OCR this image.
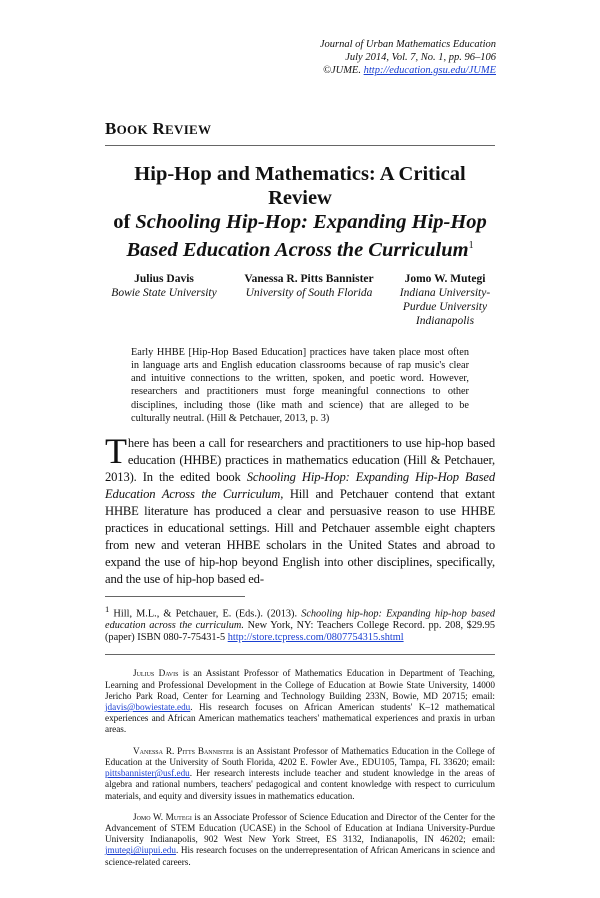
Journal of Urban Mathematics Education
July 2014, Vol. 7, No. 1, pp. 96–106
©JUME. http://education.gsu.edu/JUME
BOOK REVIEW
Hip-Hop and Mathematics: A Critical Review
of Schooling Hip-Hop: Expanding Hip-Hop
Based Education Across the Curriculum$^1$
Julius Davis
Bowie State University
Vanessa R. Pitts Bannister
University of South Florida
Jomo W. Mutegi
Indiana University-Purdue University Indianapolis
Early HHBE [Hip-Hop Based Education] practices have taken place most often in language arts and English education classrooms because of rap music's clear and intuitive connections to the written, spoken, and poetic word. However, researchers and practitioners must forge meaningful connections to other disciplines, including those (like math and science) that are alleged to be culturally neutral. (Hill & Petchauer, 2013, p. 3)
There has been a call for researchers and practitioners to use hip-hop based education (HHBE) practices in mathematics education (Hill & Petchauer, 2013). In the edited book Schooling Hip-Hop: Expanding Hip-Hop Based Education Across the Curriculum, Hill and Petchauer contend that extant HHBE literature has produced a clear and persuasive reason to use HHBE practices in educational settings. Hill and Petchauer assemble eight chapters from new and veteran HHBE scholars in the United States and abroad to expand the use of hip-hop beyond English into other disciplines, specifically, and the use of hip-hop based ed-
$^1$ Hill, M.L., & Petchauer, E. (Eds.). (2013). Schooling hip-hop: Expanding hip-hop based education across the curriculum. New York, NY: Teachers College Record. pp. 208, $29.95 (paper) ISBN 080-7-75431-5 http://store.tcpress.com/0807754315.shtml

Julius Davis is an Assistant Professor of Mathematics Education in Department of Teaching, Learning and Professional Development in the College of Education at Bowie State University, 14000 Jericho Park Road, Center for Learning and Technology Building 233N, Bowie, MD 20715; email: jdavis@bowiestate.edu. His research focuses on African American students' K–12 mathematical experiences and African American mathematics teachers' mathematical experiences and praxis in urban areas.

Vanessa R. Pitts Bannister is an Assistant Professor of Mathematics Education in the College of Education at the University of South Florida, 4202 E. Fowler Ave., EDU105, Tampa, FL 33620; email: pittsbannister@usf.edu. Her research interests include teacher and student knowledge in the areas of algebra and rational numbers, teachers' pedagogical and content knowledge with respect to curriculum materials, and equity and diversity issues in mathematics education.

Jomo W. Mutegi is an Associate Professor of Science Education and Director of the Center for the Advancement of STEM Education (UCASE) in the School of Education at Indiana University-Purdue University Indianapolis, 902 West New York Street, ES 3132, Indianapolis, IN 46202; email: jmutegi@iupui.edu. His research focuses on the underrepresentation of African Americans in science and science-related careers.
